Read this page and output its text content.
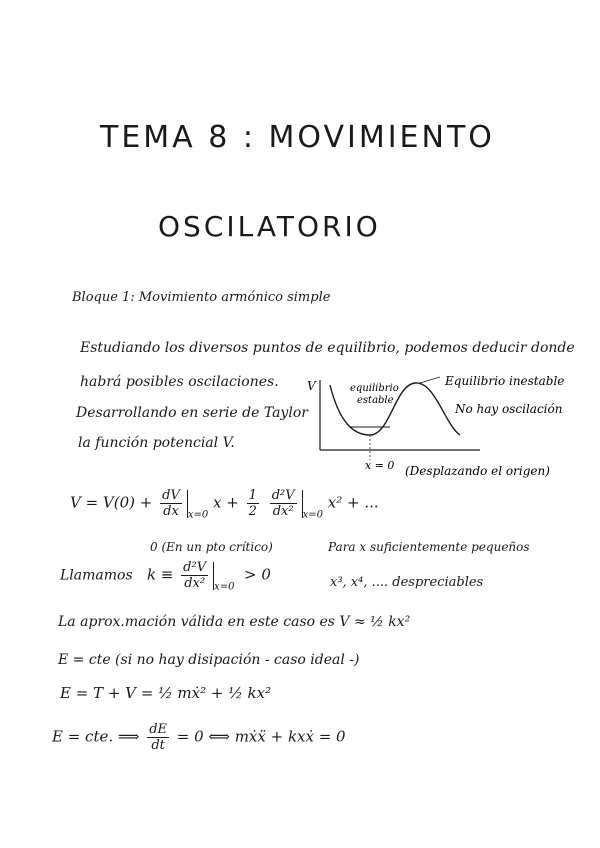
TEMA 8 : MOVIMIENTO
OSCILATORIO
Bloque 1: Movimiento armónico simple
Estudiando los diversos puntos de equilibrio, podemos deducir donde
habrá posibles oscilaciones.
Desarrollando en serie de Taylor
la función potencial V.
V	equilibrio
estable
Equilibrio inestable
No hay oscilación
x = 0 (Desplazando el origen)
$V = V(0) + \frac{dV}{dx} _{x=0}$ $x + \frac{1}{2}$
$\frac{\text{d²V}}{\text{dx²}} _{x=0}$ x² + ...
0 (En un pto crítico)	Para x suficientemente pequeños
Llamamos $k \equiv \frac{\text{d²V}}{\text{dx²}} _{x=0} > 0$	x³, x⁴, .... despreciables
La aprox.mación válida en este caso es V ≈ ½ kx²
E = cte (si no hay disipación - caso ideal -)
E = T + V = ½ mẋ² + ½ kx²
E = cte. ⟹ $\frac{dE}{dt} = 0$ ⟺ mẋẍ + kxẋ = 0
